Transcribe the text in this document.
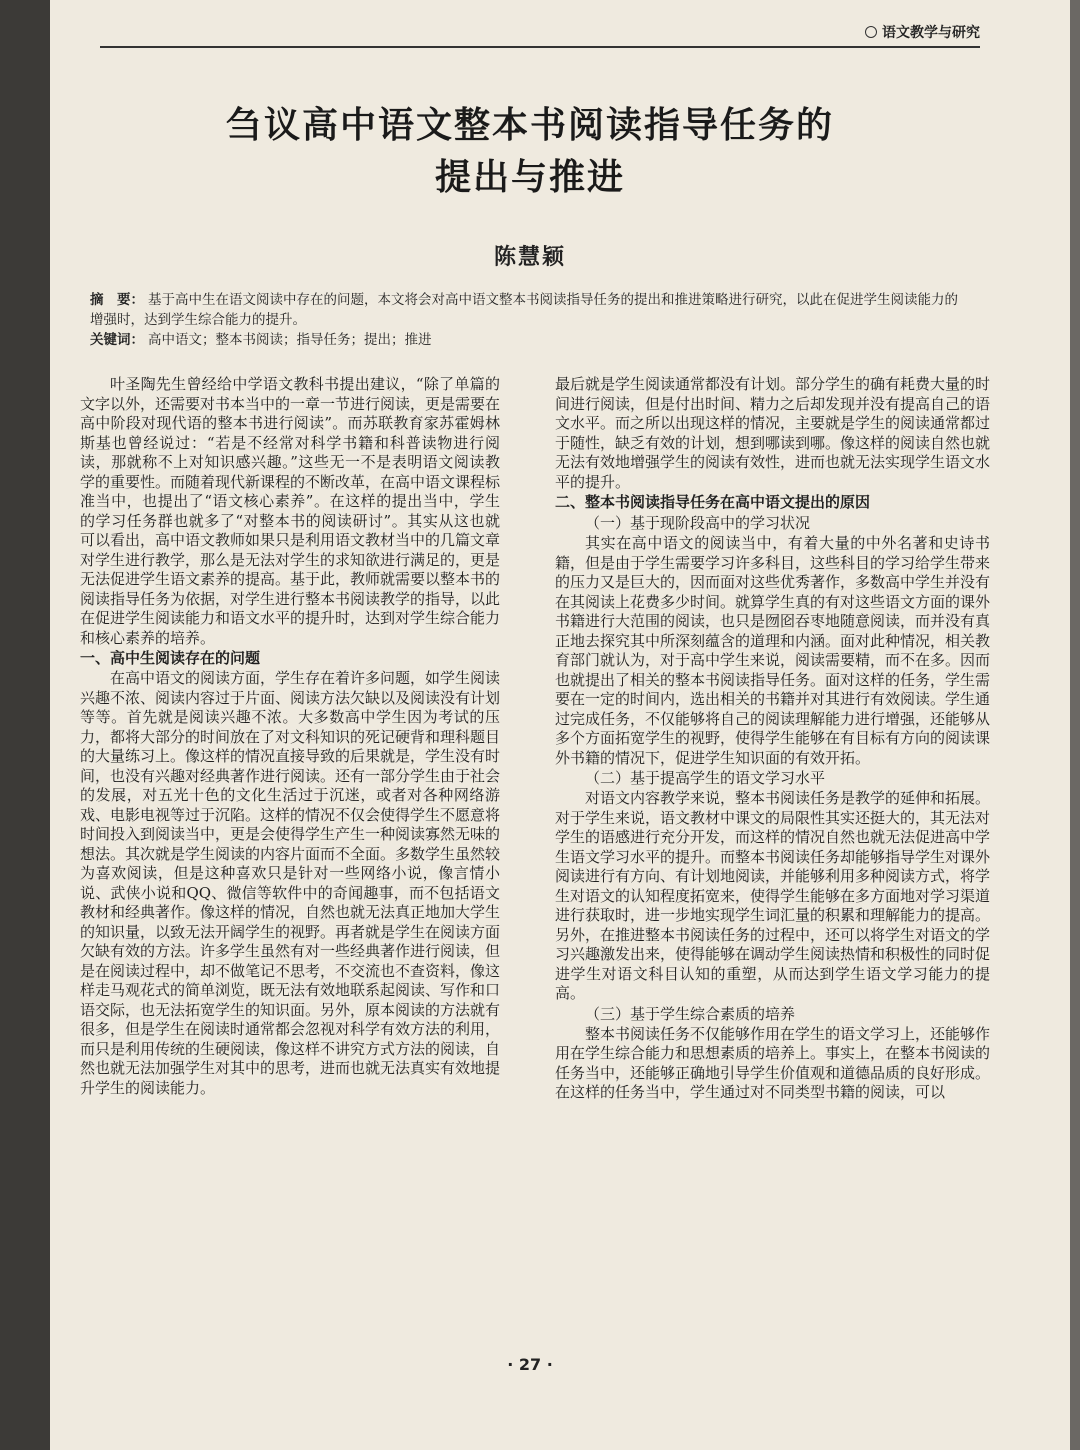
语文教学与研究
刍议高中语文整本书阅读指导任务的
提出与推进
陈慧颖
摘　要： 基于高中生在语文阅读中存在的问题，本文将会对高中语文整本书阅读指导任务的提出和推进策略进行研究，以此在促进学生阅读能力的增强时，达到学生综合能力的提升。
关键词： 高中语文；整本书阅读；指导任务；提出；推进

叶圣陶先生曾经给中学语文教科书提出建议，“除了单篇的文字以外，还需要对书本当中的一章一节进行阅读，更是需要在高中阶段对现代语的整本书进行阅读”。而苏联教育家苏霍姆林斯基也曾经说过：“若是不经常对科学书籍和科普读物进行阅读，那就称不上对知识感兴趣。”这些无一不是表明语文阅读教学的重要性。而随着现代新课程的不断改革，在高中语文课程标准当中，也提出了“语文核心素养”。在这样的提出当中，学生的学习任务群也就多了“对整本书的阅读研讨”。其实从这也就可以看出，高中语文教师如果只是利用语文教材当中的几篇文章对学生进行教学，那么是无法对学生的求知欲进行满足的，更是无法促进学生语文素养的提高。基于此，教师就需要以整本书的阅读指导任务为依据，对学生进行整本书阅读教学的指导，以此在促进学生阅读能力和语文水平的提升时，达到对学生综合能力和核心素养的培养。

一、高中生阅读存在的问题

在高中语文的阅读方面，学生存在着许多问题，如学生阅读兴趣不浓、阅读内容过于片面、阅读方法欠缺以及阅读没有计划等等。首先就是阅读兴趣不浓。大多数高中学生因为考试的压力，都将大部分的时间放在了对文科知识的死记硬背和理科题目的大量练习上。像这样的情况直接导致的后果就是，学生没有时间，也没有兴趣对经典著作进行阅读。还有一部分学生由于社会的发展，对五光十色的文化生活过于沉迷，或者对各种网络游戏、电影电视等过于沉陷。这样的情况不仅会使得学生不愿意将时间投入到阅读当中，更是会使得学生产生一种阅读寡然无味的想法。其次就是学生阅读的内容片面而不全面。多数学生虽然较为喜欢阅读，但是这种喜欢只是针对一些网络小说，像言情小说、武侠小说和QQ、微信等软件中的奇闻趣事，而不包括语文教材和经典著作。像这样的情况，自然也就无法真正地加大学生的知识量，以致无法开阔学生的视野。再者就是学生在阅读方面欠缺有效的方法。许多学生虽然有对一些经典著作进行阅读，但是在阅读过程中，却不做笔记不思考，不交流也不查资料，像这样走马观花式的简单浏览，既无法有效地联系起阅读、写作和口语交际，也无法拓宽学生的知识面。另外，原本阅读的方法就有很多，但是学生在阅读时通常都会忽视对科学有效方法的利用，而只是利用传统的生硬阅读，像这样不讲究方式方法的阅读，自然也就无法加强学生对其中的思考，进而也就无法真实有效地提升学生的阅读能力。

最后就是学生阅读通常都没有计划。部分学生的确有耗费大量的时间进行阅读，但是付出时间、精力之后却发现并没有提高自己的语文水平。而之所以出现这样的情况，主要就是学生的阅读通常都过于随性，缺乏有效的计划，想到哪读到哪。像这样的阅读自然也就无法有效地增强学生的阅读有效性，进而也就无法实现学生语文水平的提升。

二、整本书阅读指导任务在高中语文提出的原因
（一）基于现阶段高中的学习状况

其实在高中语文的阅读当中，有着大量的中外名著和史诗书籍，但是由于学生需要学习许多科目，这些科目的学习给学生带来的压力又是巨大的，因而面对这些优秀著作，多数高中学生并没有在其阅读上花费多少时间。就算学生真的有对这些语文方面的课外书籍进行大范围的阅读，也只是囫囵吞枣地随意阅读，而并没有真正地去探究其中所深刻蕴含的道理和内涵。面对此种情况，相关教育部门就认为，对于高中学生来说，阅读需要精，而不在多。因而也就提出了相关的整本书阅读指导任务。面对这样的任务，学生需要在一定的时间内，选出相关的书籍并对其进行有效阅读。学生通过完成任务，不仅能够将自己的阅读理解能力进行增强，还能够从多个方面拓宽学生的视野，使得学生能够在有目标有方向的阅读课外书籍的情况下，促进学生知识面的有效开拓。

（二）基于提高学生的语文学习水平

对语文内容教学来说，整本书阅读任务是教学的延伸和拓展。对于学生来说，语文教材中课文的局限性其实还挺大的，其无法对学生的语感进行充分开发，而这样的情况自然也就无法促进高中学生语文学习水平的提升。而整本书阅读任务却能够指导学生对课外阅读进行有方向、有计划地阅读，并能够利用多种阅读方式，将学生对语文的认知程度拓宽来，使得学生能够在多方面地对学习渠道进行获取时，进一步地实现学生词汇量的积累和理解能力的提高。另外，在推进整本书阅读任务的过程中，还可以将学生对语文的学习兴趣激发出来，使得能够在调动学生阅读热情和积极性的同时促进学生对语文科目认知的重塑，从而达到学生语文学习能力的提高。

（三）基于学生综合素质的培养

整本书阅读任务不仅能够作用在学生的语文学习上，还能够作用在学生综合能力和思想素质的培养上。事实上，在整本书阅读的任务当中，还能够正确地引导学生价值观和道德品质的良好形成。在这样的任务当中，学生通过对不同类型书籍的阅读，可以

· 27 ·
